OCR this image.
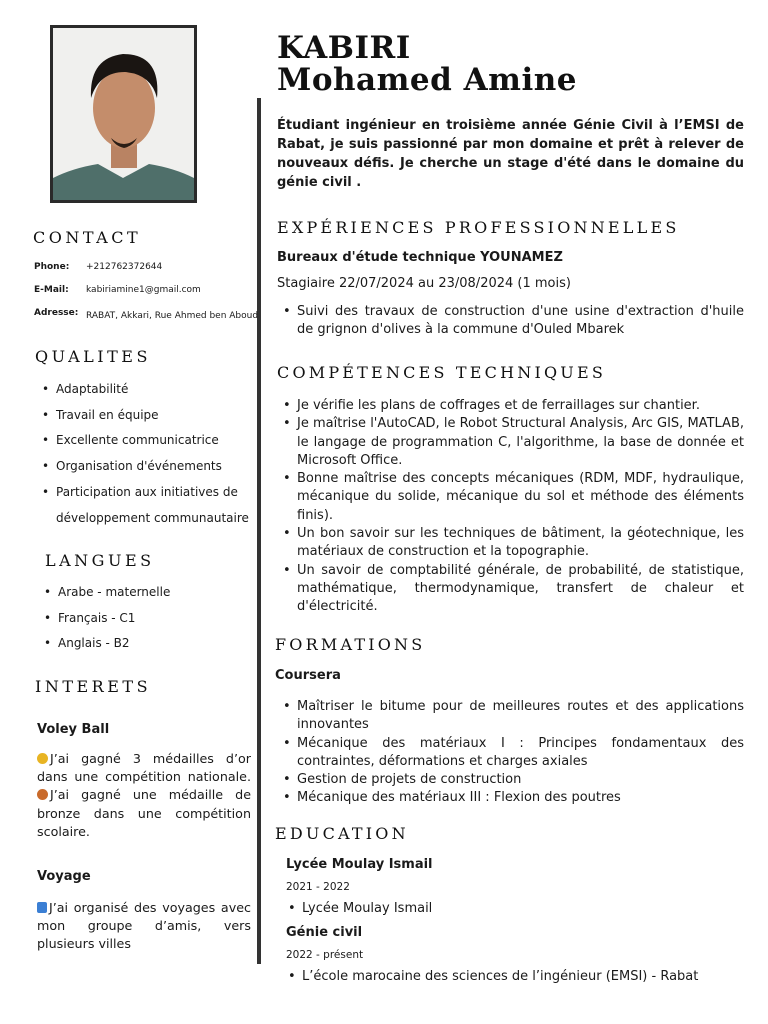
CONTACT
Phone:	+212762372644
E-Mail:	kabiriamine1@gmail.com
Adresse: RABAT, Akkari, Rue Ahmed ben Aboud
QUALITES
• Adaptabilité
• Travail en équipe
• Excellente communicatrice
• Organisation d'événements
• Participation aux initiatives de
développement communautaire
LANGUES
• Arabe - maternelle
• Français - C1
• Anglais - B2
INTERETS
Voley Ball
J’ai gagné 3 médailles d’or dans une compétition nationale. J’ai gagné une médaille de bronze dans une compétition scolaire.
Voyage
J’ai organisé des voyages avec mon groupe d’amis, vers plusieurs villes
KABIRI
Mohamed Amine
Étudiant ingénieur en troisième année Génie Civil à l’EMSI de Rabat, je suis passionné par mon domaine et prêt à relever de nouveaux défis. Je cherche un stage d'été dans le domaine du génie civil .
EXPÉRIENCES PROFESSIONNELLES
Bureaux d'étude technique YOUNAMEZ
Stagiaire 22/07/2024 au 23/08/2024 (1 mois)
• Suivi des travaux de construction d'une usine d'extraction d'huile de grignon d'olives à la commune d'Ouled Mbarek
COMPÉTENCES TECHNIQUES
• Je vérifie les plans de coffrages et de ferraillages sur chantier.
• Je maîtrise l'AutoCAD, le Robot Structural Analysis, Arc GIS, MATLAB, le langage de programmation C, l'algorithme, la base de donnée et Microsoft Office.
• Bonne maîtrise des concepts mécaniques (RDM, MDF, hydraulique, mécanique du solide, mécanique du sol et méthode des éléments finis).
• Un bon savoir sur les techniques de bâtiment, la géotechnique, les matériaux de construction et la topographie.
• Un savoir de comptabilité générale, de probabilité, de statistique, mathématique, thermodynamique, transfert de chaleur et d'électricité.
FORMATIONS
Coursera
• Maîtriser le bitume pour de meilleures routes et des applications innovantes
• Mécanique des matériaux I : Principes fondamentaux des contraintes, déformations et charges axiales
• Gestion de projets de construction
• Mécanique des matériaux III : Flexion des poutres
EDUCATION
Lycée Moulay Ismail
2021 - 2022
• Lycée Moulay Ismail
Génie civil
2022 - présent
• L’école marocaine des sciences de l’ingénieur (EMSI) - Rabat
